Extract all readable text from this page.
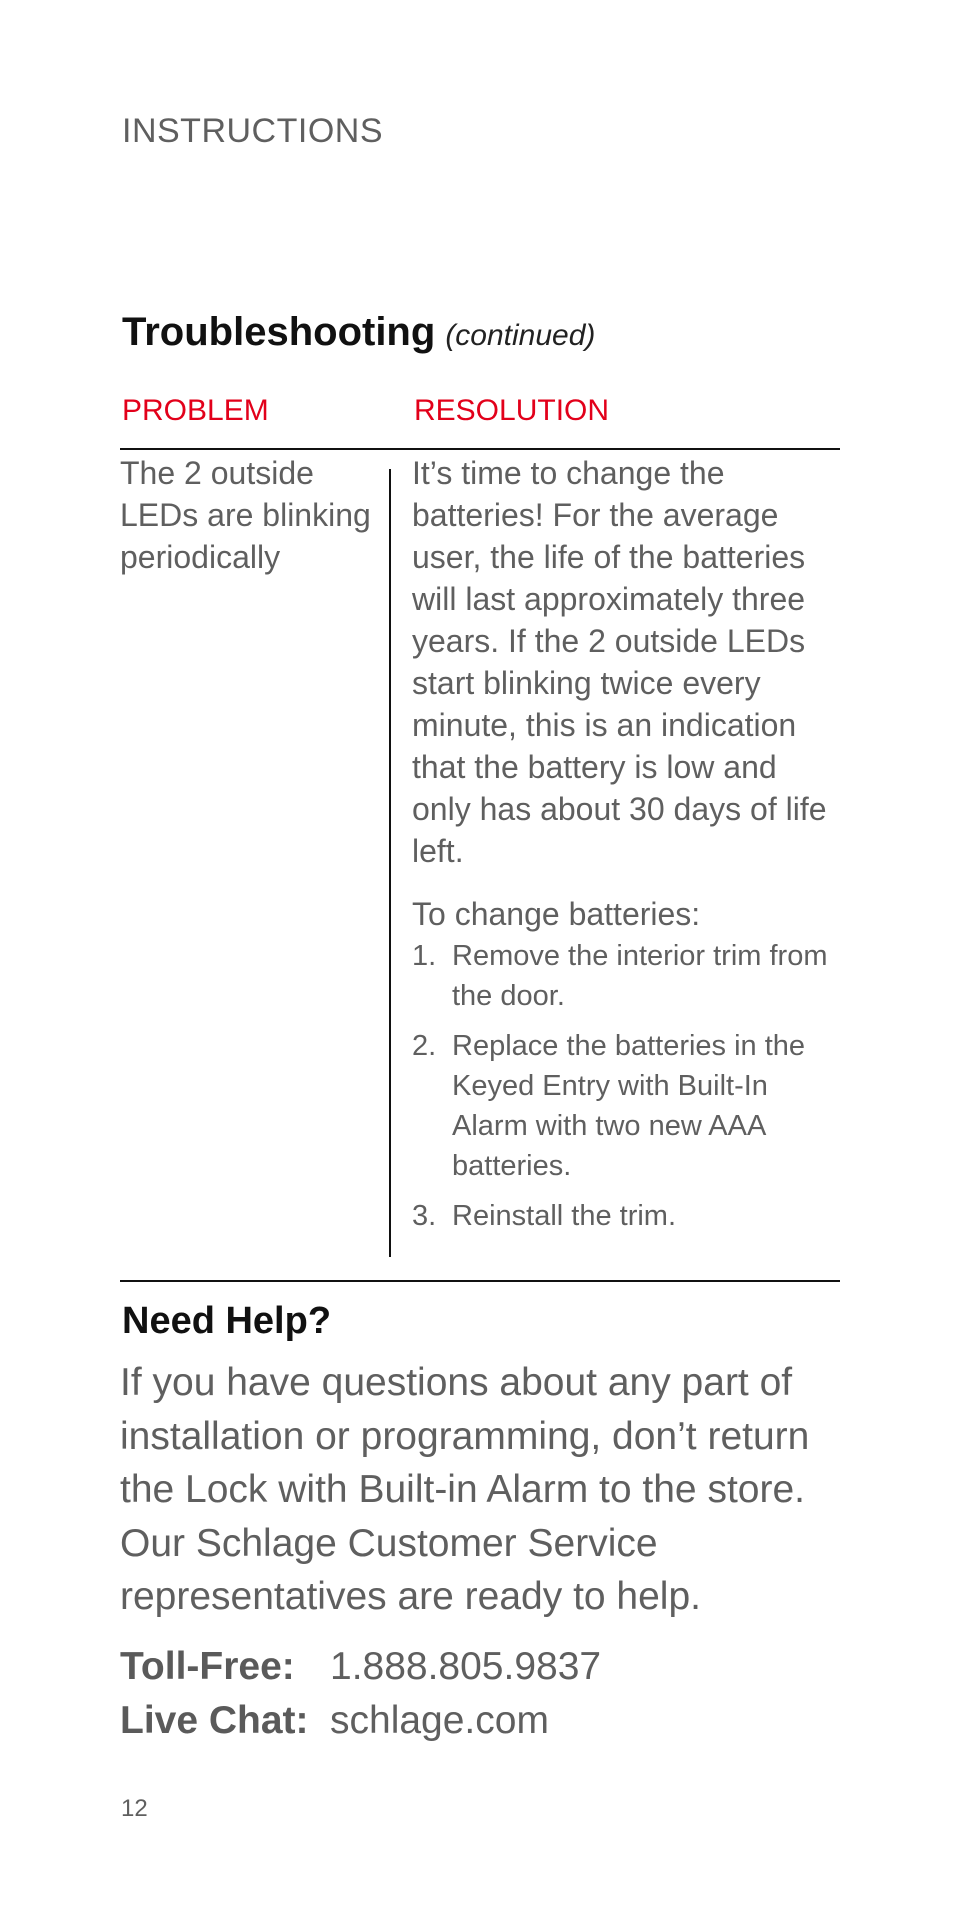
INSTRUCTIONS
Troubleshooting (continued)
PROBLEM	RESOLUTION
The 2 outside LEDs are blinking periodically
It’s time to change the batteries! For the average user, the life of the batteries will last approximately three years. If the 2 outside LEDs start blinking twice every minute, this is an indication that the battery is low and only has about 30 days of life left.
To change batteries:
1. Remove the interior trim from the door.
2. Replace the batteries in the Keyed Entry with Built-In Alarm with two new AAA batteries.
3. Reinstall the trim.
Need Help?
If you have questions about any part of installation or programming, don’t return the Lock with Built-in Alarm to the store. Our Schlage Customer Service representatives are ready to help.
Toll-Free: 1.888.805.9837
Live Chat: schlage.com
12
